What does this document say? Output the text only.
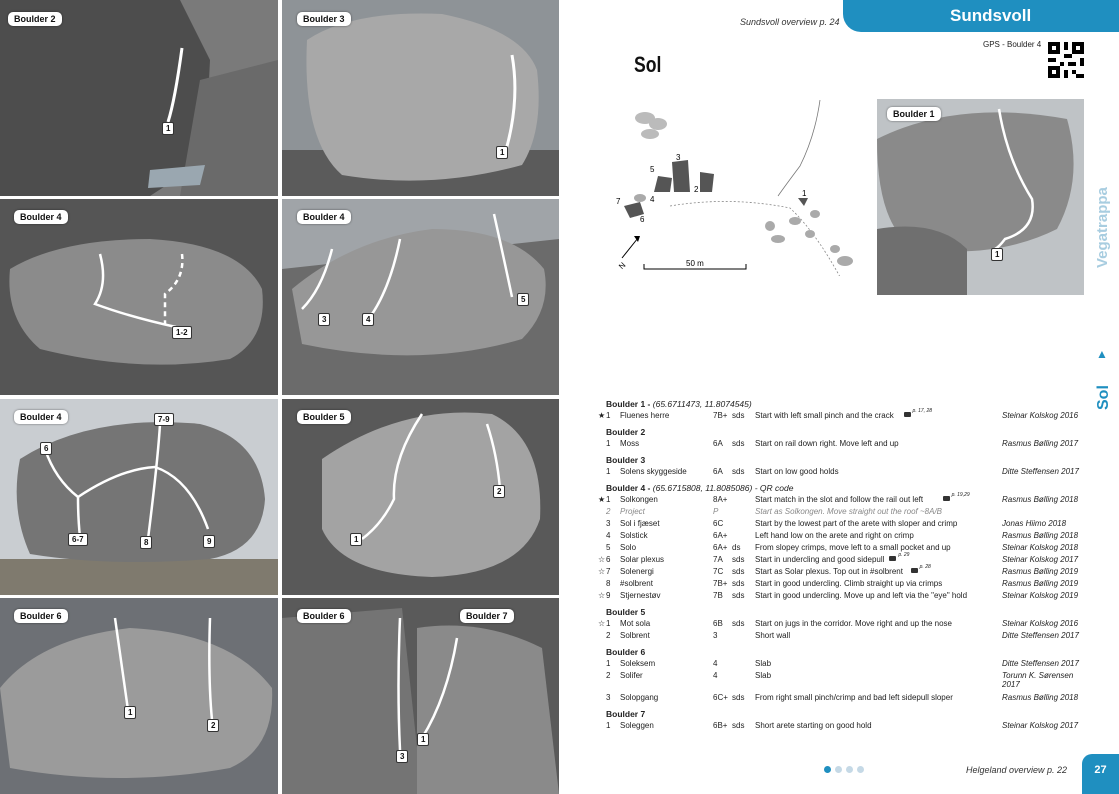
Boulder 2
1
Boulder 3
1
Boulder 4
1-2
Boulder 4
3	4
5
Boulder 4	7-9
6
6-7	8	9
Boulder 5
1
2
Boulder 6
1
2
Boulder 6	Boulder 7
3
1
Sundsvoll
Sundsvoll overview p. 24
Sol
GPS - Boulder 4
1
2
3
4
5
6
7
N	50 m
Boulder 1
1	Vegatrappa
Sol
▲
Boulder 1 - (65.6711473, 11.8074545)
★ 1 Fluenes herre	7B+ sds Start with left small pinch and the crack	Steinar Kolskog 2016
p. 17, 28
Boulder 2
1 Moss	6A sds Start on rail down right. Move left and up	Rasmus Bølling 2017
Boulder 3
1 Solens skyggeside	6A sds Start on low good holds	Ditte Steffensen 2017
Boulder 4 - (65.6715808, 11.8085086) - QR code
★ 1 Solkongen	8A+	Start match in the slot and follow the rail out left	Rasmus Bølling 2018
p. 19,29
2 Project	P	Start as Solkongen. Move straight out the roof ~8A/B
3 Sol i fjæset	6C	Start by the lowest part of the arete with sloper and crimp	Jonas Hiimo 2018
4 Solstick	6A+	Left hand low on the arete and right on crimp	Rasmus Bølling 2018
5 Solo	6A+ ds From slopey crimps, move left to a small pocket and up	Steinar Kolskog 2018
☆ 6 Solar plexus	7A sds Start in undercling and good sidepull	Steinar Kolskog 2017
p. 29
☆ 7 Solenergi	7C sds Start as Solar plexus. Top out in #solbrent	Rasmus Bølling 2019
p. 28
8 #solbrent	7B+ sds Start in good undercling. Climb straight up via crimps	Rasmus Bølling 2019
☆ 9 Stjernestøv	7B sds Start in good undercling. Move up and left via the "eye" hold	Steinar Kolskog 2019
Boulder 5
☆ 1 Mot sola	6B sds Start on jugs in the corridor. Move right and up the nose	Steinar Kolskog 2016
2 Solbrent	3	Short wall	Ditte Steffensen 2017
Boulder 6
1 Soleksem	4	Slab	Ditte Steffensen 2017
2 Solifer	4	Slab	Torunn K. Sørensen 2017
3 Solopgang	6C+ sds From right small pinch/crimp and bad left sidepull sloper	Rasmus Bølling 2018
Boulder 7
1 Soleggen	6B+ sds Short arete starting on good hold	Steinar Kolskog 2017
Helgeland overview p. 22	27
